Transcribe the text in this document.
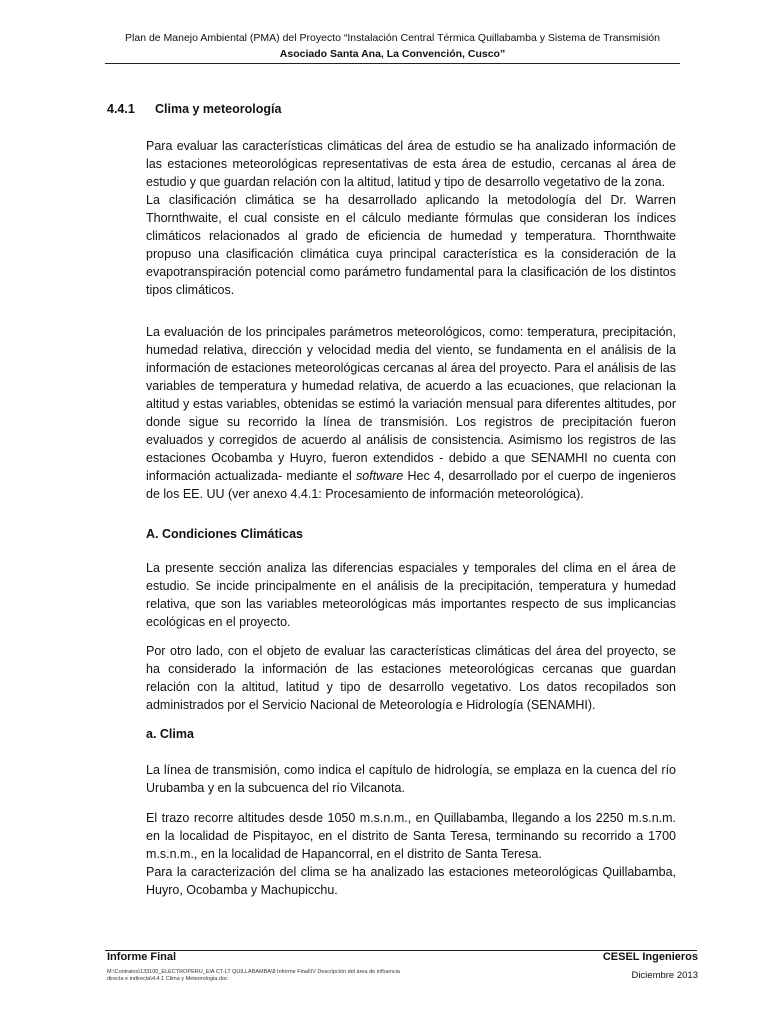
Plan de Manejo Ambiental (PMA) del Proyecto “Instalación Central Térmica Quillabamba y Sistema de Transmisión
Asociado Santa Ana, La Convención, Cusco”
4.4.1 Clima y meteorología

Para evaluar las características climáticas del área de estudio se ha analizado información de las estaciones meteorológicas representativas de esta área de estudio, cercanas al área de estudio y que guardan relación con la altitud, latitud y tipo de desarrollo vegetativo de la zona.

La clasificación climática se ha desarrollado aplicando la metodología del Dr. Warren Thornthwaite, el cual consiste en el cálculo mediante fórmulas que consideran los índices climáticos relacionados al grado de eficiencia de humedad y temperatura. Thornthwaite propuso una clasificación climática cuya principal característica es la consideración de la evapotranspiración potencial como parámetro fundamental para la clasificación de los distintos tipos climáticos.

La evaluación de los principales parámetros meteorológicos, como: temperatura, precipitación, humedad relativa, dirección y velocidad media del viento, se fundamenta en el análisis de la información de estaciones meteorológicas cercanas al área del proyecto. Para el análisis de las variables de temperatura y humedad relativa, de acuerdo a las ecuaciones, que relacionan la altitud y estas variables, obtenidas se estimó la variación mensual para diferentes altitudes, por donde sigue su recorrido la línea de transmisión. Los registros de precipitación fueron evaluados y corregidos de acuerdo al análisis de consistencia. Asimismo los registros de las estaciones Ocobamba y Huyro, fueron extendidos - debido a que SENAMHI no cuenta con información actualizada- mediante el software Hec 4, desarrollado por el cuerpo de ingenieros de los EE. UU (ver anexo 4.4.1: Procesamiento de información meteorológica).

A. Condiciones Climáticas

La presente sección analiza las diferencias espaciales y temporales del clima en el área de estudio. Se incide principalmente en el análisis de la precipitación, temperatura y humedad relativa, que son las variables meteorológicas más importantes respecto de sus implicancias ecológicas en el proyecto.

Por otro lado, con el objeto de evaluar las características climáticas del área del proyecto, se ha considerado la información de las estaciones meteorológicas cercanas que guardan relación con la altitud, latitud y tipo de desarrollo vegetativo. Los datos recopilados son administrados por el Servicio Nacional de Meteorología e Hidrología (SENAMHI).

a. Clima

La línea de transmisión, como indica el capítulo de hidrología, se emplaza en la cuenca del río Urubamba y en la subcuenca del río Vilcanota.

El trazo recorre altitudes desde 1050 m.s.n.m., en Quillabamba, llegando a los 2250 m.s.n.m. en la localidad de Pispitayoc, en el distrito de Santa Teresa, terminando su recorrido a 1700 m.s.n.m., en la localidad de Hapancorral, en el distrito de Santa Teresa.

Para la caracterización del clima se ha analizado las estaciones meteorológicas Quillabamba, Huyro, Ocobamba y Machupicchu.

Informe Final	CESEL Ingenieros
M:\Contratos\133100_ELECTROPERU_EIA CT-LT QUILLABAMBA\8 Informe Final\IV Descripción del área de influencia directa e indirecta\4.4.1 Clima y Meteorologia.doc	Diciembre 2013
